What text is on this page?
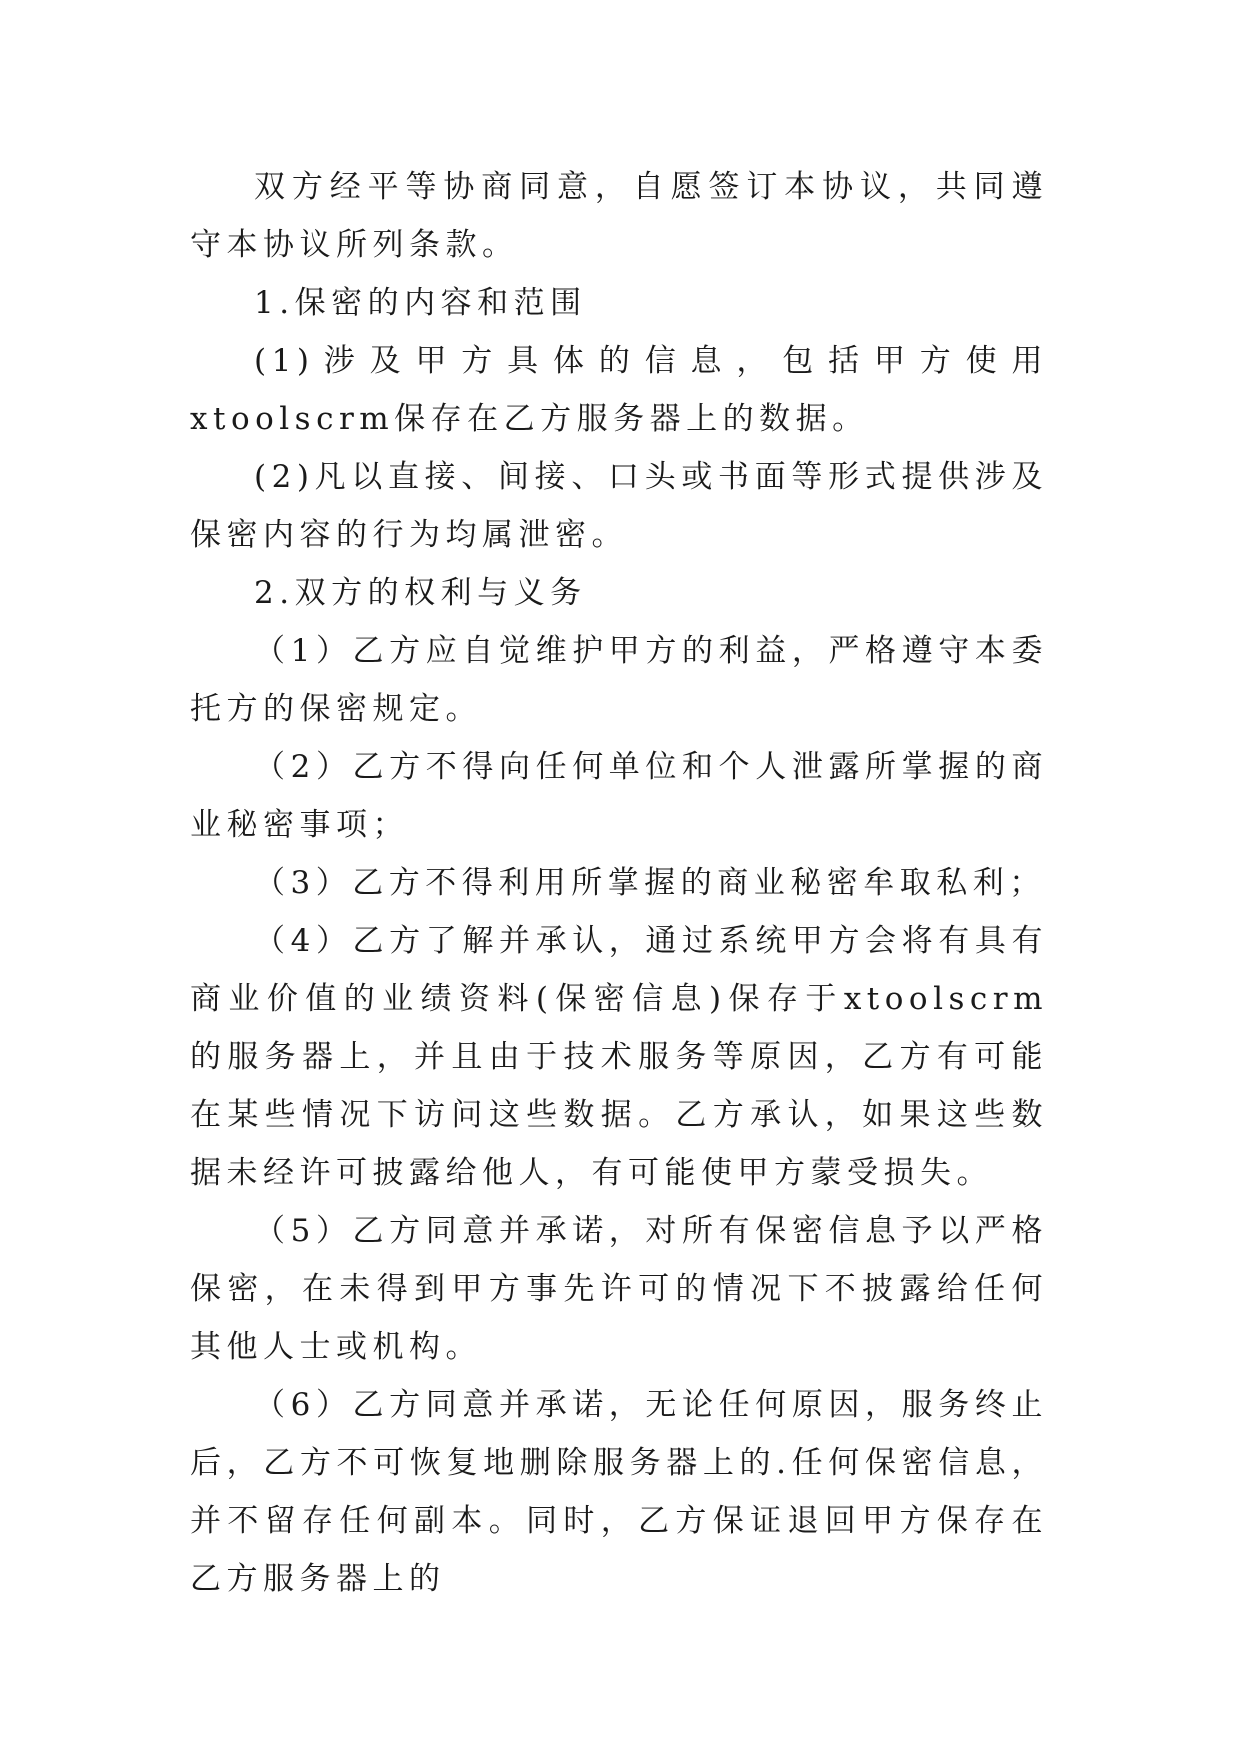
双方经平等协商同意，自愿签订本协议，共同遵守本协议所列条款。

1.保密的内容和范围

(1)涉及甲方具体的信息，包括甲方使用xtoolscrm保存在乙方服务器上的数据。

(2)凡以直接、间接、口头或书面等形式提供涉及保密内容的行为均属泄密。

2.双方的权利与义务

（1）乙方应自觉维护甲方的利益，严格遵守本委托方的保密规定。

（2）乙方不得向任何单位和个人泄露所掌握的商业秘密事项；

（3）乙方不得利用所掌握的商业秘密牟取私利；

（4）乙方了解并承认，通过系统甲方会将有具有商业价值的业绩资料(保密信息)保存于xtoolscrm的服务器上，并且由于技术服务等原因，乙方有可能在某些情况下访问这些数据。乙方承认，如果这些数据未经许可披露给他人，有可能使甲方蒙受损失。

（5）乙方同意并承诺，对所有保密信息予以严格保密，在未得到甲方事先许可的情况下不披露给任何其他人士或机构。

（6）乙方同意并承诺，无论任何原因，服务终止后，乙方不可恢复地删除服务器上的.任何保密信息，并不留存任何副本。同时，乙方保证退回甲方保存在乙方服务器上的
